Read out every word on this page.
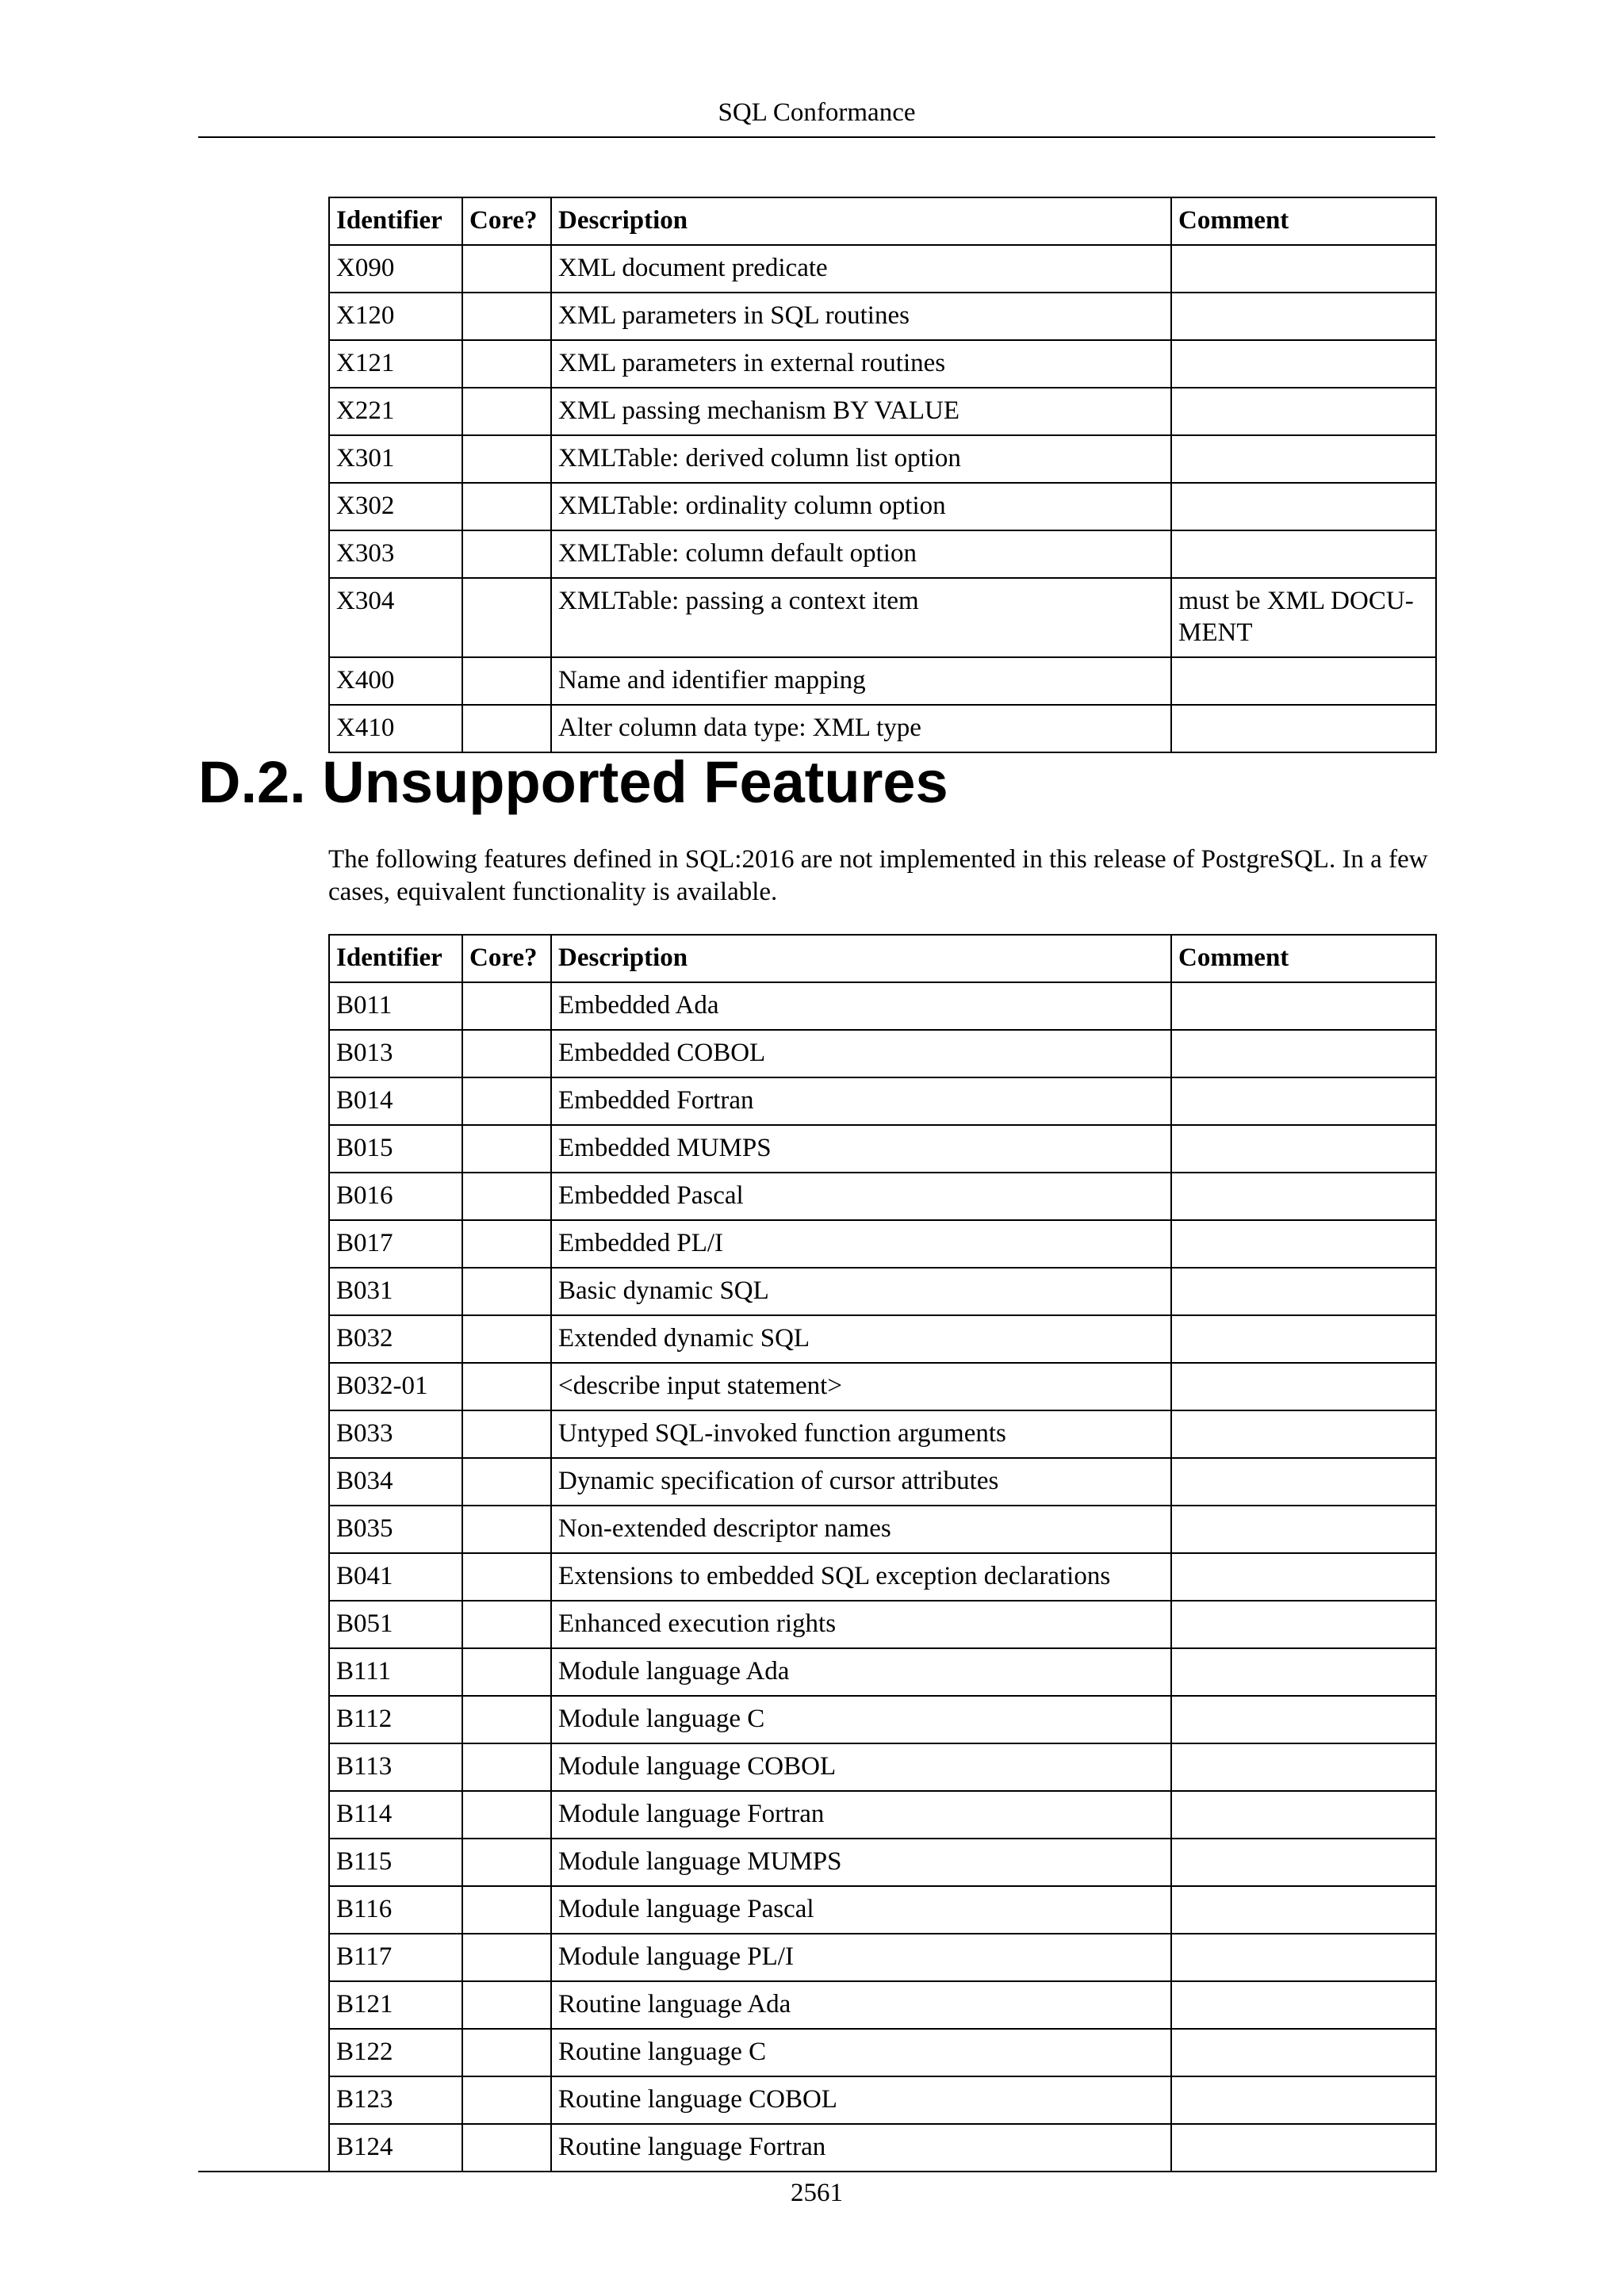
SQL Conformance
Identifier	Core?	Description	Comment
X090		XML document predicate	
X120		XML parameters in SQL routines	
X121		XML parameters in external routines	
X221		XML passing mechanism BY VALUE	
X301		XMLTable: derived column list option	
X302		XMLTable: ordinality column option	
X303		XMLTable: column default option	
X304		XMLTable: passing a context item	must be XML DOCU-MENT
X400		Name and identifier mapping	
X410		Alter column data type: XML type	
D.2. Unsupported Features

The following features defined in SQL:2016 are not implemented in this release of PostgreSQL. In a few cases, equivalent functionality is available.

Identifier	Core?	Description	Comment
B011		Embedded Ada	
B013		Embedded COBOL	
B014		Embedded Fortran	
B015		Embedded MUMPS	
B016		Embedded Pascal	
B017		Embedded PL/I	
B031		Basic dynamic SQL	
B032		Extended dynamic SQL	
B032-01		<describe input statement>	
B033		Untyped SQL-invoked function arguments	
B034		Dynamic specification of cursor attributes	
B035		Non-extended descriptor names	
B041		Extensions to embedded SQL exception declarations	
B051		Enhanced execution rights	
B111		Module language Ada	
B112		Module language C	
B113		Module language COBOL	
B114		Module language Fortran	
B115		Module language MUMPS	
B116		Module language Pascal	
B117		Module language PL/I	
B121		Routine language Ada	
B122		Routine language C	
B123		Routine language COBOL	
B124		Routine language Fortran	
2561
